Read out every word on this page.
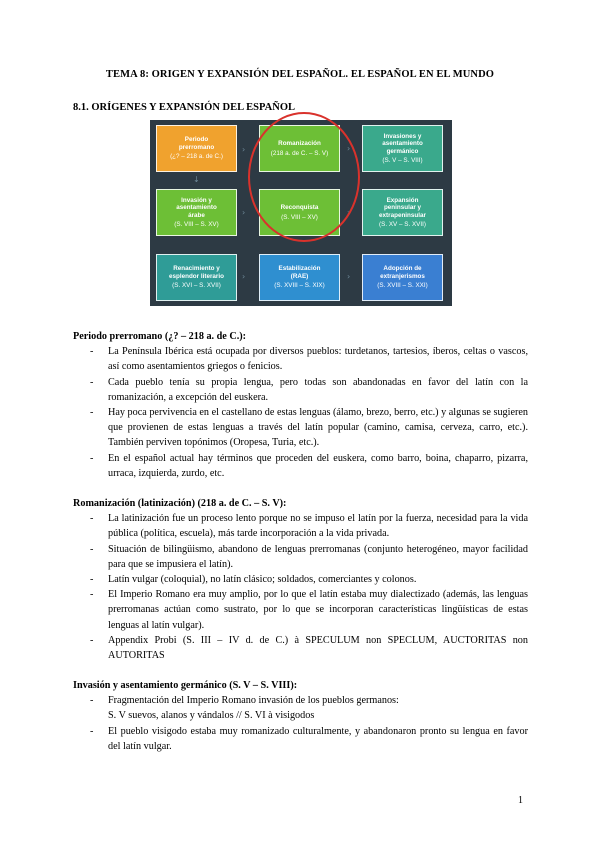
TEMA 8: ORIGEN Y EXPANSIÓN DEL ESPAÑOL. EL ESPAÑOL EN EL MUNDO
8.1. ORÍGENES Y EXPANSIÓN DEL ESPAÑOL
Periodo
prerromano
(¿? – 218 a. de C.)
Romanización
(218 a. de C. – S. V)
Invasiones y
asentamiento
germánico
(S. V – S. VIII)
Invasión y
asentamiento
árabe
(S. VIII – S. XV)
Reconquista
(S. VIII – XV)
Expansión
peninsular y
extrapeninsular
(S. XV – S. XVII)
Renacimiento y
esplendor literario
(S. XVI – S. XVII)
Estabilización
(RAE)
(S. XVIII – S. XIX)
Adopción de
extranjerismos
(S. XVIII – S. XXI)
›	›
↓
›	›
›	›
Periodo prerromano (¿? – 218 a. de C.):
- La Península Ibérica está ocupada por diversos pueblos: turdetanos, tartesios, íberos, celtas o vascos, así como asentamientos griegos o fenicios.
- Cada pueblo tenía su propia lengua, pero todas son abandonadas en favor del latín con la romanización, a excepción del euskera.
- Hay poca pervivencia en el castellano de estas lenguas (álamo, brezo, berro, etc.) y algunas se sugieren que provienen de estas lenguas a través del latín popular (camino, camisa, cerveza, carro, etc.). También perviven topónimos (Oropesa, Turia, etc.).
- En el español actual hay términos que proceden del euskera, como barro, boina, chaparro, pizarra, urraca, izquierda, zurdo, etc.
Romanización (latinización) (218 a. de C. – S. V):
- La latinización fue un proceso lento porque no se impuso el latín por la fuerza, necesidad para la vida pública (política, escuela), más tarde incorporación a la vida privada.
- Situación de bilingüismo, abandono de lenguas prerromanas (conjunto heterogéneo, mayor facilidad para que se impusiera el latín).
- Latín vulgar (coloquial), no latín clásico; soldados, comerciantes y colonos.
- El Imperio Romano era muy amplio, por lo que el latín estaba muy dialectizado (además, las lenguas prerromanas actúan como sustrato, por lo que se incorporan características lingüísticas de estas lenguas al latín vulgar).
- Appendix Probi (S. III – IV d. de C.) à SPECULUM non SPECLUM, AUCTORITAS non AUTORITAS
Invasión y asentamiento germánico (S. V – S. VIII):
- Fragmentación del Imperio Romano invasión de los pueblos germanos:
S. V suevos, alanos y vándalos // S. VI à visigodos
- El pueblo visigodo estaba muy romanizado culturalmente, y abandonaron pronto su lengua en favor del latín vulgar.
1
